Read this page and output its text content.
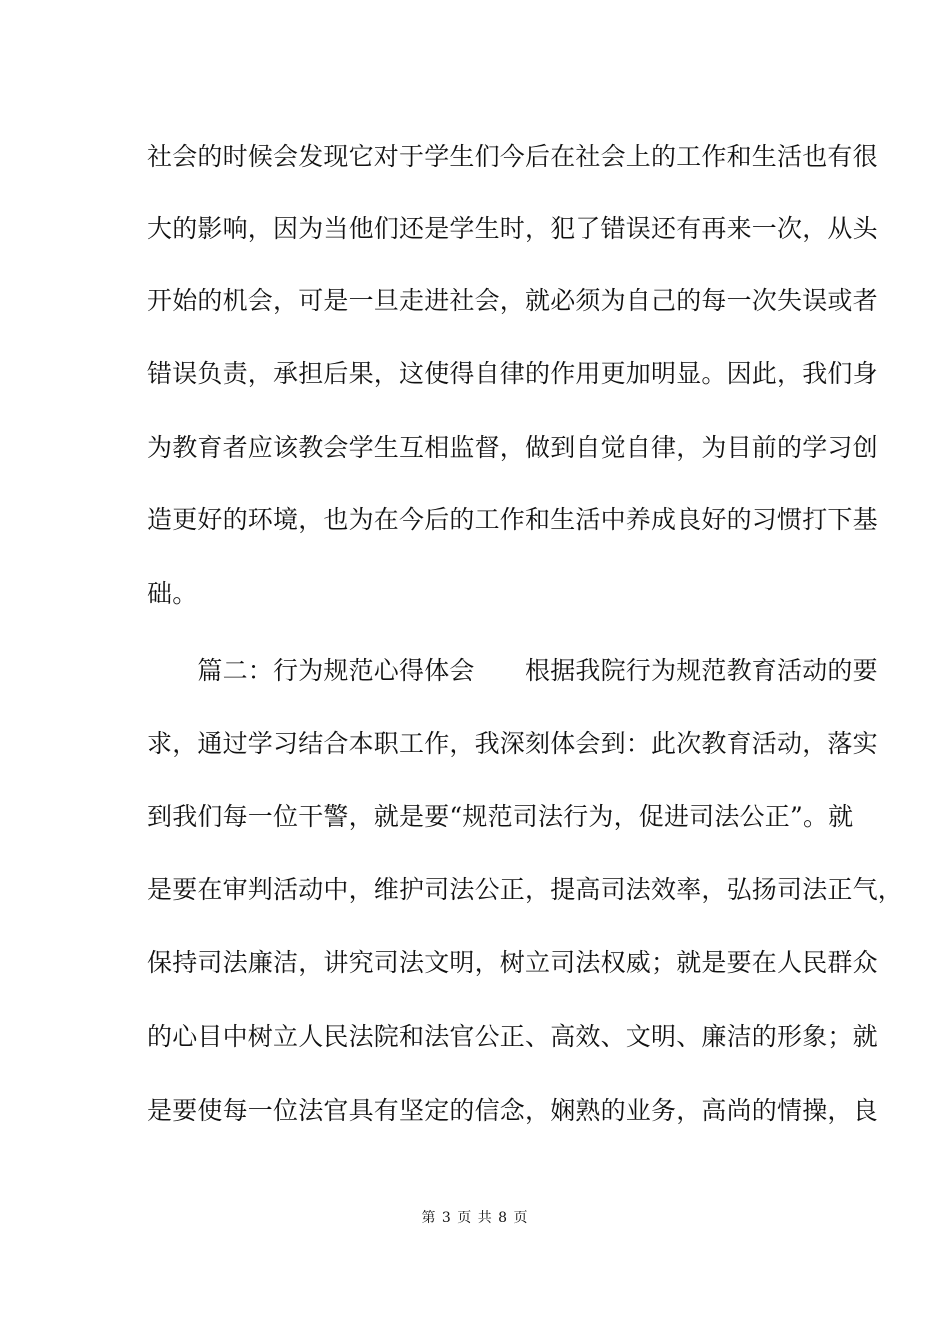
社会的时候会发现它对于学生们今后在社会上的工作和生活也有很
大的影响，因为当他们还是学生时，犯了错误还有再来一次，从头
开始的机会，可是一旦走进社会，就必须为自己的每一次失误或者
错误负责，承担后果，这使得自律的作用更加明显。因此，我们身
为教育者应该教会学生互相监督，做到自觉自律，为目前的学习创
造更好的环境，也为在今后的工作和生活中养成良好的习惯打下基
础。
　　篇二：行为规范心得体会　　根据我院行为规范教育活动的要
求，通过学习结合本职工作，我深刻体会到：此次教育活动，落实
到我们每一位干警，就是要“规范司法行为，促进司法公正”。就
是要在审判活动中，维护司法公正，提高司法效率，弘扬司法正气，
保持司法廉洁，讲究司法文明，树立司法权威；就是要在人民群众
的心目中树立人民法院和法官公正、高效、文明、廉洁的形象；就
是要使每一位法官具有坚定的信念，娴熟的业务，高尚的情操，良
第 3 页 共 8 页
